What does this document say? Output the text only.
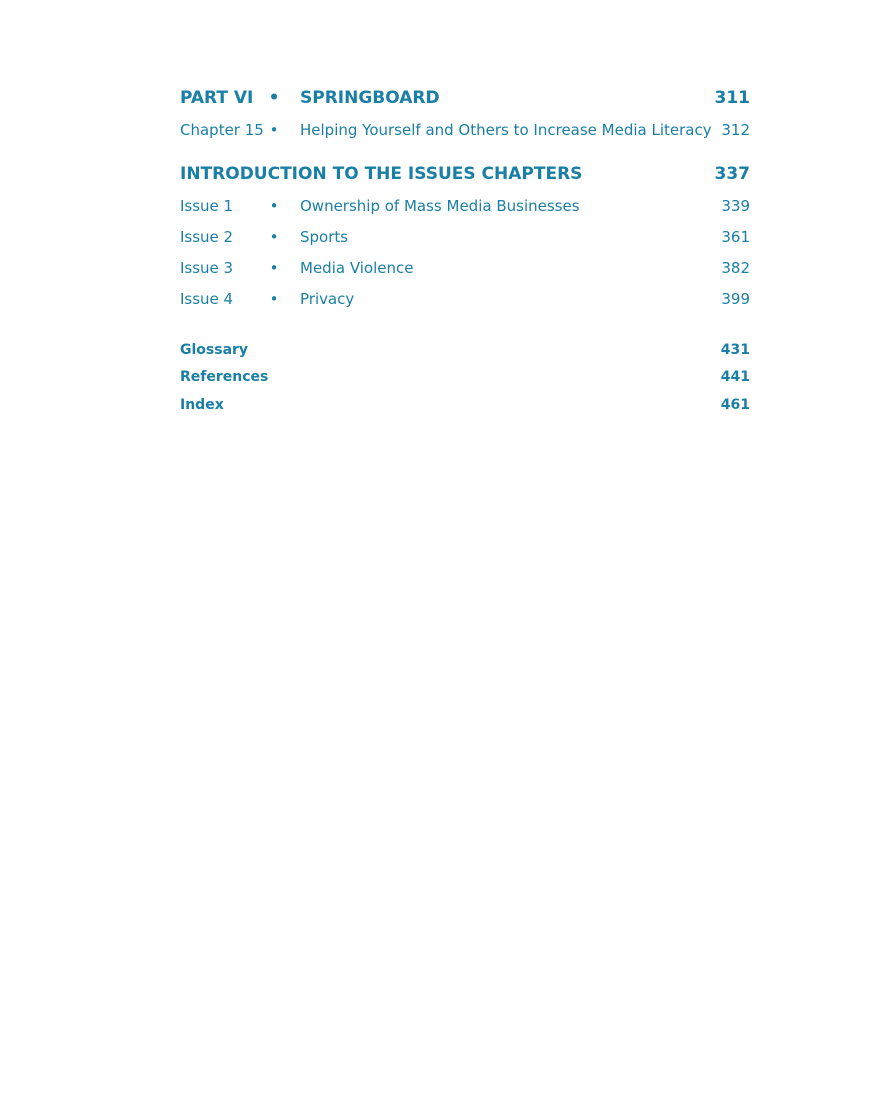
PART VI • SPRINGBOARD	311
Chapter 15 • Helping Yourself and Others to Increase Media Literacy 312
INTRODUCTION TO THE ISSUES CHAPTERS	337
Issue 1 • Ownership of Mass Media Businesses	339
Issue 2 • Sports	361
Issue 3 • Media Violence	382
Issue 4 • Privacy	399
Glossary	431
References	441
Index	461
